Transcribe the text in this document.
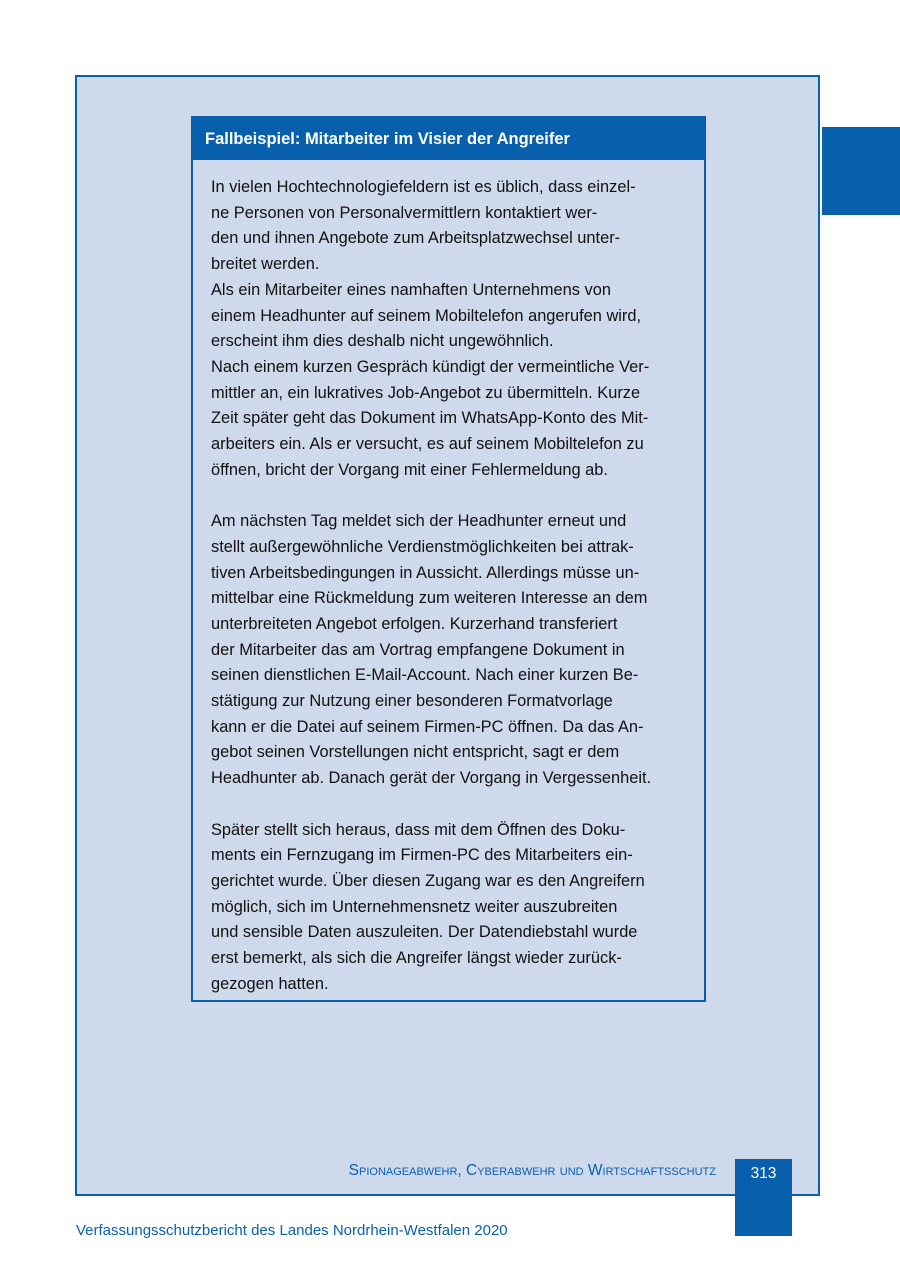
Fallbeispiel: Mitarbeiter im Visier der Angreifer

In vielen Hochtechnologiefeldern ist es üblich, dass einzel-
ne Personen von Personalvermittlern kontaktiert wer-
den und ihnen Angebote zum Arbeitsplatzwechsel unter-
breitet werden.

Als ein Mitarbeiter eines namhaften Unternehmens von
einem Headhunter auf seinem Mobiltelefon angerufen wird,
erscheint ihm dies deshalb nicht ungewöhnlich.

Nach einem kurzen Gespräch kündigt der vermeintliche Ver-
mittler an, ein lukratives Job-Angebot zu übermitteln. Kurze
Zeit später geht das Dokument im WhatsApp-Konto des Mit-
arbeiters ein. Als er versucht, es auf seinem Mobiltelefon zu
öffnen, bricht der Vorgang mit einer Fehlermeldung ab.

Am nächsten Tag meldet sich der Headhunter erneut und
stellt außergewöhnliche Verdienstmöglichkeiten bei attrak-
tiven Arbeitsbedingungen in Aussicht. Allerdings müsse un-
mittelbar eine Rückmeldung zum weiteren Interesse an dem
unterbreiteten Angebot erfolgen. Kurzerhand transferiert
der Mitarbeiter das am Vortrag empfangene Dokument in
seinen dienstlichen E-Mail-Account. Nach einer kurzen Be-
stätigung zur Nutzung einer besonderen Formatvorlage
kann er die Datei auf seinem Firmen-PC öffnen. Da das An-
gebot seinen Vorstellungen nicht entspricht, sagt er dem
Headhunter ab. Danach gerät der Vorgang in Vergessenheit.

Später stellt sich heraus, dass mit dem Öffnen des Doku-
ments ein Fernzugang im Firmen-PC des Mitarbeiters ein-
gerichtet wurde. Über diesen Zugang war es den Angreifern
möglich, sich im Unternehmensnetz weiter auszubreiten
und sensible Daten auszuleiten. Der Datendiebstahl wurde
erst bemerkt, als sich die Angreifer längst wieder zurück-
gezogen hatten.

Spionageabwehr, Cyberabwehr und Wirtschaftsschutz	313
Verfassungsschutzbericht des Landes Nordrhein-Westfalen 2020
